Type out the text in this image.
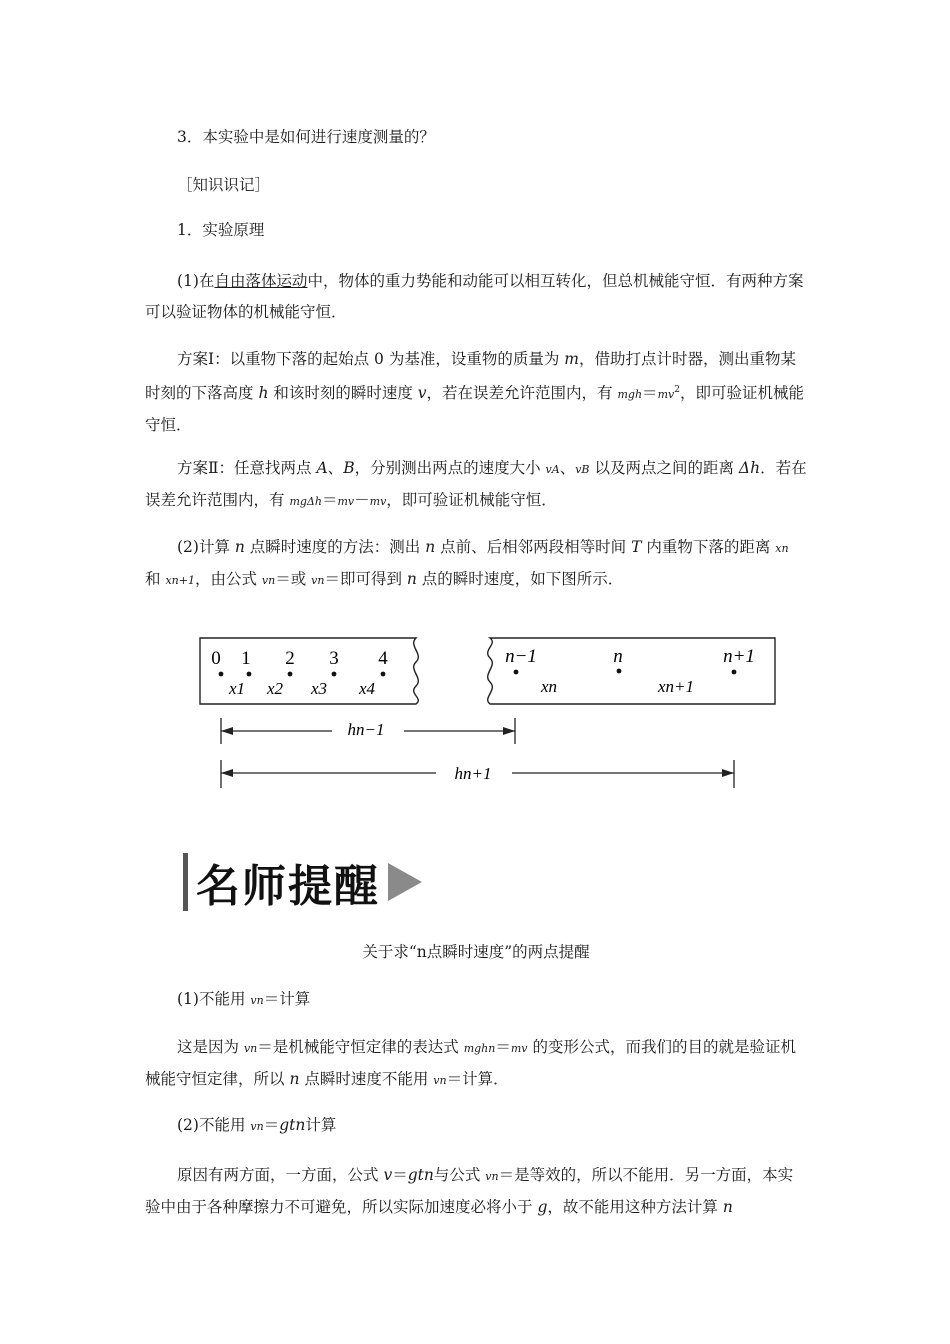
3．本实验中是如何进行速度测量的？

［知识识记］

1．实验原理

(1)在自由落体运动中，物体的重力势能和动能可以相互转化，但总机械能守恒．有两种方案可以验证物体的机械能守恒．

方案Ⅰ：以重物下落的起始点 0 为基准，设重物的质量为 m，借助打点计时器，测出重物某时刻的下落高度 h 和该时刻的瞬时速度 v，若在误差允许范围内，有 $mgh=mv^2$，即可验证机械能守恒．

方案Ⅱ：任意找两点 A、B，分别测出两点的速度大小 vA、vB 以及两点之间的距离 Δh．若在误差允许范围内，有 mgΔh＝mv－mv，即可验证机械能守恒．

(2)计算 n 点瞬时速度的方法：测出 n 点前、后相邻两段相等时间 T 内重物下落的距离 xn 和 xn+1，由公式 vn＝或 vn＝即可得到 n 点的瞬时速度，如下图所示．

0 1 2 3 4
x1 x2 x3 x4
n−1	n	n+1
xn	xn+1
hn−1
hn+1
名师提醒
关于求“n点瞬时速度”的两点提醒

(1)不能用 vn＝计算

这是因为 vn＝是机械能守恒定律的表达式 mghn＝mv 的变形公式，而我们的目的就是验证机械能守恒定律，所以 n 点瞬时速度不能用 vn＝计算．

(2)不能用 vn＝gtn计算

原因有两方面，一方面，公式 v＝gtn与公式 vn＝是等效的，所以不能用．另一方面，本实验中由于各种摩擦力不可避免，所以实际加速度必将小于 g，故不能用这种方法计算 n
